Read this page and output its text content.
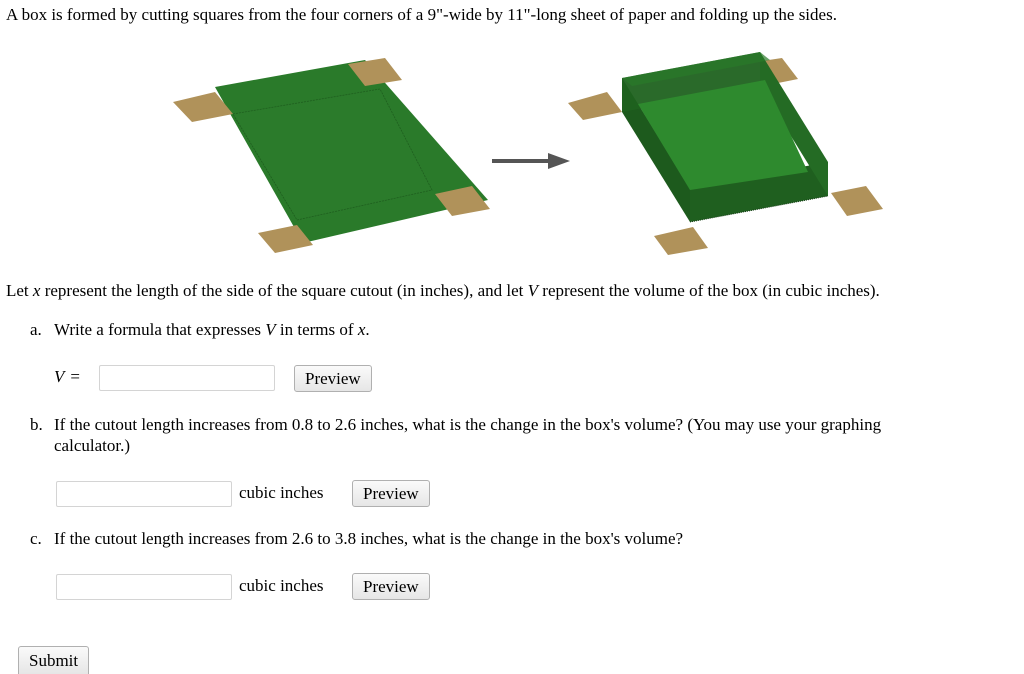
A box is formed by cutting squares from the four corners of a 9"-wide by 11"-long sheet of paper and folding up the sides.
Let x represent the length of the side of the square cutout (in inches), and let V represent the volume of the box (in cubic inches).
a. Write a formula that expresses V in terms of x.
V =	Preview
b. If the cutout length increases from 0.8 to 2.6 inches, what is the change in the box's volume? (You may use your graphing
calculator.)
cubic inches	Preview
c. If the cutout length increases from 2.6 to 3.8 inches, what is the change in the box's volume?
cubic inches	Preview
Submit
